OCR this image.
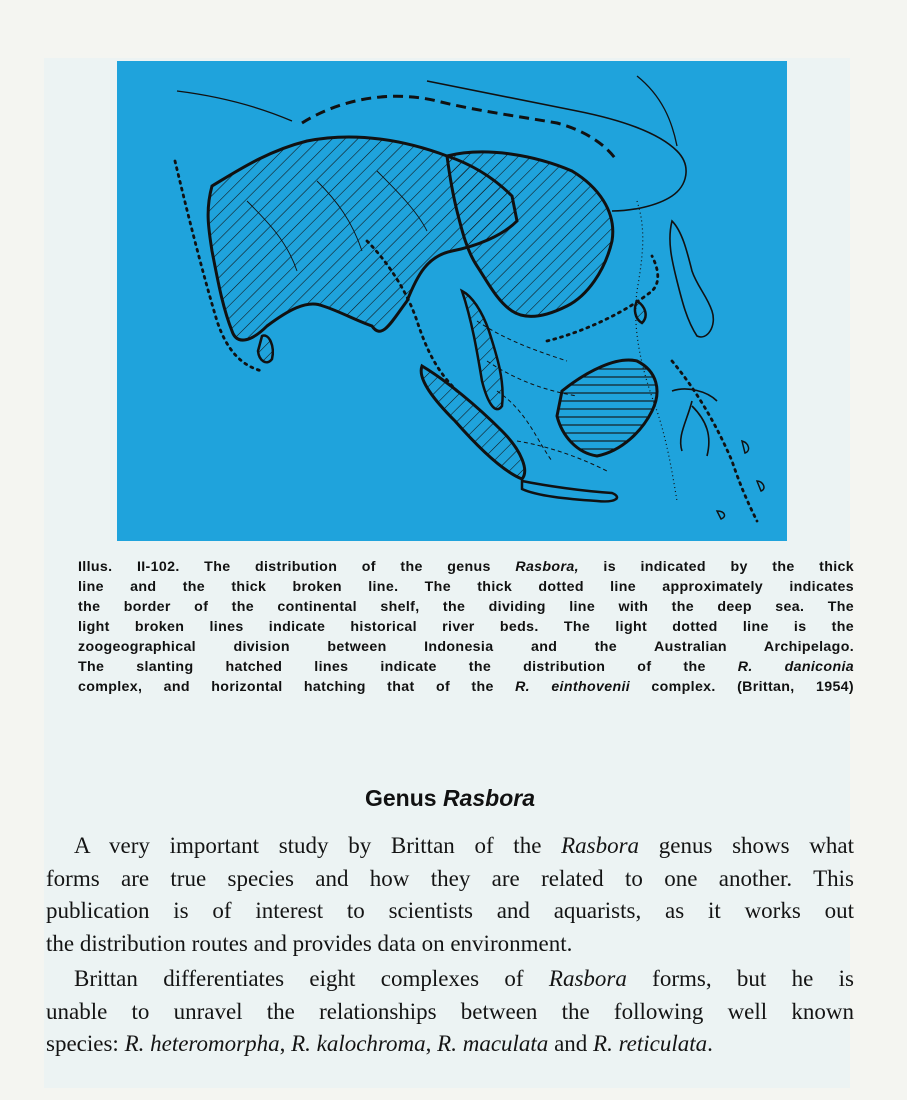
Illus. II-102. The distribution of the genus Rasbora, is indicated by the thick
line and the thick broken line. The thick dotted line approximately indicates
the border of the continental shelf, the dividing line with the deep sea. The
light broken lines indicate historical river beds. The light dotted line is the
zoogeographical division between Indonesia and the Australian Archipelago.
The slanting hatched lines indicate the distribution of the R. daniconia
complex, and horizontal hatching that of the R. einthovenii complex. (Brittan, 1954)
Genus Rasbora

A very important study by Brittan of the Rasbora genus shows what
forms are true species and how they are related to one another. This
publication is of interest to scientists and aquarists, as it works out
the distribution routes and provides data on environment.

Brittan differentiates eight complexes of Rasbora forms, but he is
unable to unravel the relationships between the following well known
species: R. heteromorpha, R. kalochroma, R. maculata and R. reticulata.
